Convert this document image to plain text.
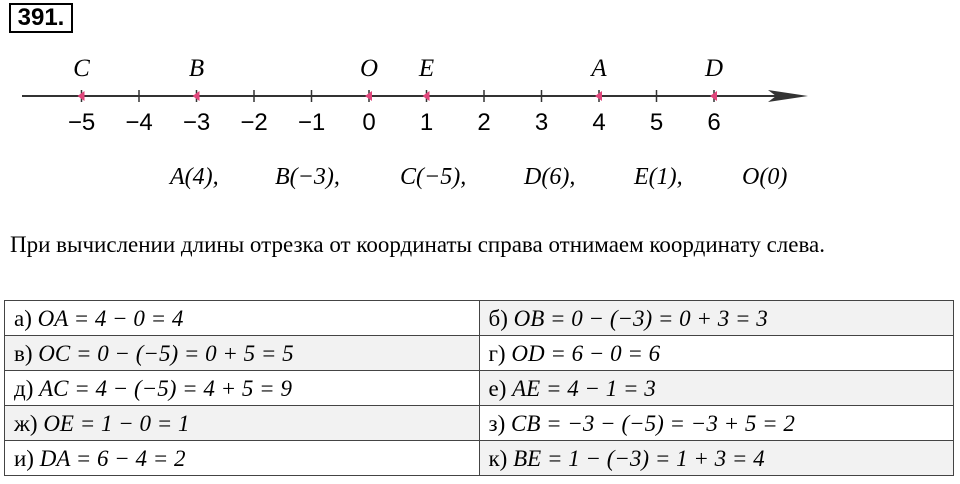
391.
−5 −4 −3 −2 −1 0 1 2 3 4 5 6
C	B	O E	A	D
A(4), B(−3),	C(−5), D(6), E(1), O(0)
При вычислении длины отрезка от координаты справа отнимаем координату слева.
а) OA = 4 − 0 = 4	б) OB = 0 − (−3) = 0 + 3 = 3
в) OC = 0 − (−5) = 0 + 5 = 5	г) OD = 6 − 0 = 6
д) AC = 4 − (−5) = 4 + 5 = 9	е) AE = 4 − 1 = 3
ж) OE = 1 − 0 = 1	з) CB = −3 − (−5) = −3 + 5 = 2
и) DA = 6 − 4 = 2	к) BE = 1 − (−3) = 1 + 3 = 4
